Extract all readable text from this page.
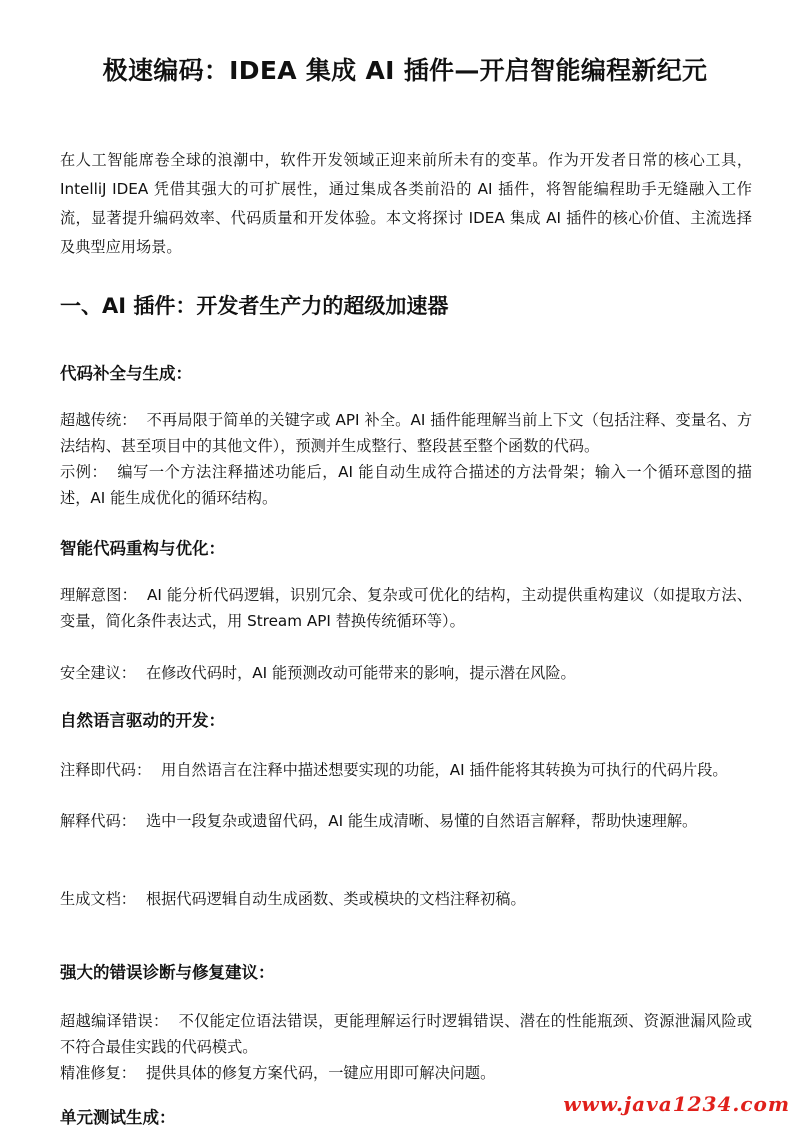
极速编码：IDEA 集成 AI 插件—开启智能编程新纪元

在人工智能席卷全球的浪潮中，软件开发领域正迎来前所未有的变革。作为开发者日常的核心工具，IntelliJ IDEA 凭借其强大的可扩展性，通过集成各类前沿的 AI 插件，将智能编程助手无缝融入工作流，显著提升编码效率、代码质量和开发体验。本文将探讨 IDEA 集成 AI 插件的核心价值、主流选择及典型应用场景。

一、AI 插件：开发者生产力的超级加速器
代码补全与生成：

超越传统： 不再局限于简单的关键字或 API 补全。AI 插件能理解当前上下文（包括注释、变量名、方法结构、甚至项目中的其他文件），预测并生成整行、整段甚至整个函数的代码。

示例： 编写一个方法注释描述功能后，AI 能自动生成符合描述的方法骨架；输入一个循环意图的描述，AI 能生成优化的循环结构。

智能代码重构与优化：

理解意图： AI 能分析代码逻辑，识别冗余、复杂或可优化的结构，主动提供重构建议（如提取方法、变量，简化条件表达式，用 Stream API 替换传统循环等）。

安全建议： 在修改代码时，AI 能预测改动可能带来的影响，提示潜在风险。

自然语言驱动的开发：

注释即代码： 用自然语言在注释中描述想要实现的功能，AI 插件能将其转换为可执行的代码片段。

解释代码： 选中一段复杂或遗留代码，AI 能生成清晰、易懂的自然语言解释，帮助快速理解。

生成文档： 根据代码逻辑自动生成函数、类或模块的文档注释初稿。

强大的错误诊断与修复建议：

超越编译错误： 不仅能定位语法错误，更能理解运行时逻辑错误、潜在的性能瓶颈、资源泄漏风险或不符合最佳实践的代码模式。

精准修复： 提供具体的修复方案代码，一键应用即可解决问题。

单元测试生成：
www.java1234.com
